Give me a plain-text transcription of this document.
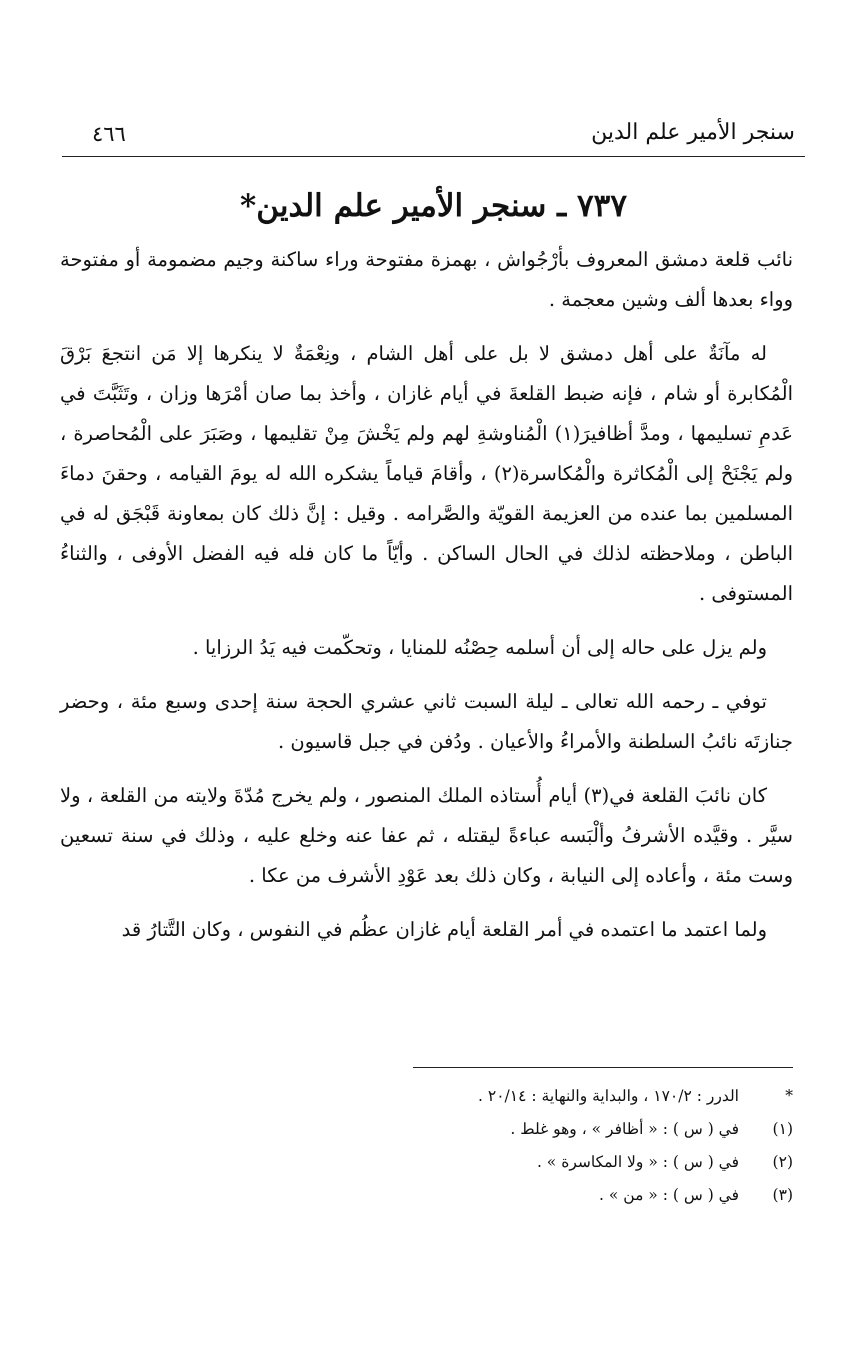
سنجر الأمير علم الدين
٤٦٦
٧٣٧ ـ سنجر الأمير علم الدين*

نائب قلعة دمشق المعروف بأرْجُواش ، بهمزة مفتوحة وراء ساكنة وجيم مضمومة أو مفتوحة وواء بعدها ألف وشين معجمة .

له مآنَةٌ على أهل دمشق لا بل على أهل الشام ، ونِعْمَةٌ لا ينكرها إلا مَن انتجعَ بَرْقَ الْمُكابرة أو شام ، فإنه ضبط القلعةَ في أيام غازان ، وأخذ بما صان أمْرَها وزان ، وتَثَبَّتَ في عَدمِ تسليمها ، ومدَّ أظافيرَ(١) الْمُناوشةِ لهم ولم يَخْشَ مِنْ تقليمها ، وصَبَرَ على الْمُحاصرة ، ولم يَجْنَحْ إلى الْمُكاثرة والْمُكاسرة(٢) ، وأقامَ قياماً يشكره الله له يومَ القيامه ، وحقنَ دماءَ المسلمين بما عنده من العزيمة القويّة والصَّرامه . وقيل : إنَّ ذلك كان بمعاونة قَبْجَق له في الباطن ، وملاحظته لذلك في الحال الساكن . وأيّاً ما كان فله فيه الفضل الأوفى ، والثناءُ المستوفى .

ولم يزل على حاله إلى أن أسلمه حِصْنُه للمنايا ، وتحكّمت فيه يَدُ الرزايا .

توفي ـ رحمه الله تعالى ـ ليلة السبت ثاني عشري الحجة سنة إحدى وسبع مئة ، وحضر جنازتَه نائبُ السلطنة والأمراءُ والأعيان . ودُفن في جبل قاسيون .

كان نائبَ القلعة في(٣) أيام أُستاذه الملك المنصور ، ولم يخرج مُدّةَ ولايته من القلعة ، ولا سيَّر . وقيَّده الأشرفُ وألْبَسه عباءةً ليقتله ، ثم عفا عنه وخلع عليه ، وذلك في سنة تسعين وست مئة ، وأعاده إلى النيابة ، وكان ذلك بعد عَوْدِ الأشرف من عكا .

ولما اعتمد ما اعتمده في أمر القلعة أيام غازان عظُم في النفوس ، وكان التَّتارُ قد

*
الدرر : ١٧٠/٢ ، والبداية والنهاية : ٢٠/١٤ .
(١)
في ( س ) : « أظافر » ، وهو غلط .
(٢)
في ( س ) : « ولا المكاسرة » .
(٣)
في ( س ) : « من » .
